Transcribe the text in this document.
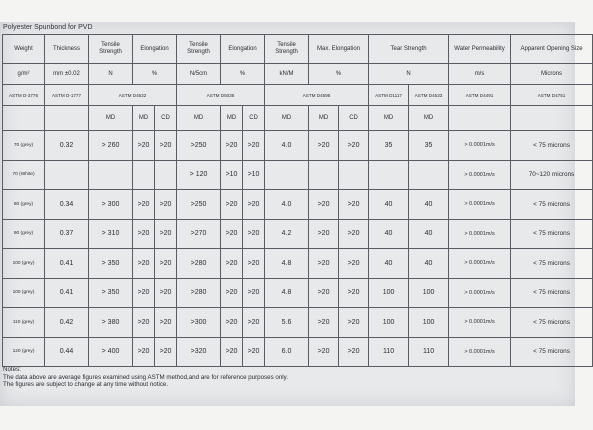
Polyester Spunbond for PVD
Weight	Thickness	Tensile Strength	Elongation		Tensile Strength	Elongation		Tensile Strength	Max. Elongation		Tear Strength		Water Permeability	Apparent Opening Size
g/m²	mm ±0.02	N	%		N/5cm	%		kN/M	%		N		m/s	Microns
ASTM D-3776	ASTM D-1777	ASTM D4632			ASTM D5035			ASTM D4595			ASTM D1117	ASTM D4533	ASTM D4491	ASTM D4751
		MD	MD	CD	MD	MD	CD	MD	MD	CD	MD	MD		
70 (grey)	0.32	> 260	>20	>20	>250	>20	>20	4.0	>20	>20	35	35	> 0.0001m/s	< 75 microns
70 (White)					> 120	>10	>10						> 0.0001m/s	70~120 microns
80 (grey)	0.34	> 300	>20	>20	>250	>20	>20	4.0	>20	>20	40	40	> 0.0001m/s	< 75 microns
90 (grey)	0.37	> 310	>20	>20	>270	>20	>20	4.2	>20	>20	40	40	> 0.0001m/s	< 75 microns
100 (grey)	0.41	> 350	>20	>20	>280	>20	>20	4.8	>20	>20	40	40	> 0.0001m/s	< 75 microns
100 (grey)	0.41	> 350	>20	>20	>280	>20	>20	4.8	>20	>20	100	100	> 0.0001m/s	< 75 microns
110 (grey)	0.42	> 380	>20	>20	>300	>20	>20	5.6	>20	>20	100	100	> 0.0001m/s	< 75 microns
120 (grey)	0.44	> 400	>20	>20	>320	>20	>20	6.0	>20	>20	110	110	> 0.0001m/s	< 75 microns
Notes:
The data above are average figures examined using ASTM method,and are for reference purposes only.
The figures are subject to change at any time without notice.
